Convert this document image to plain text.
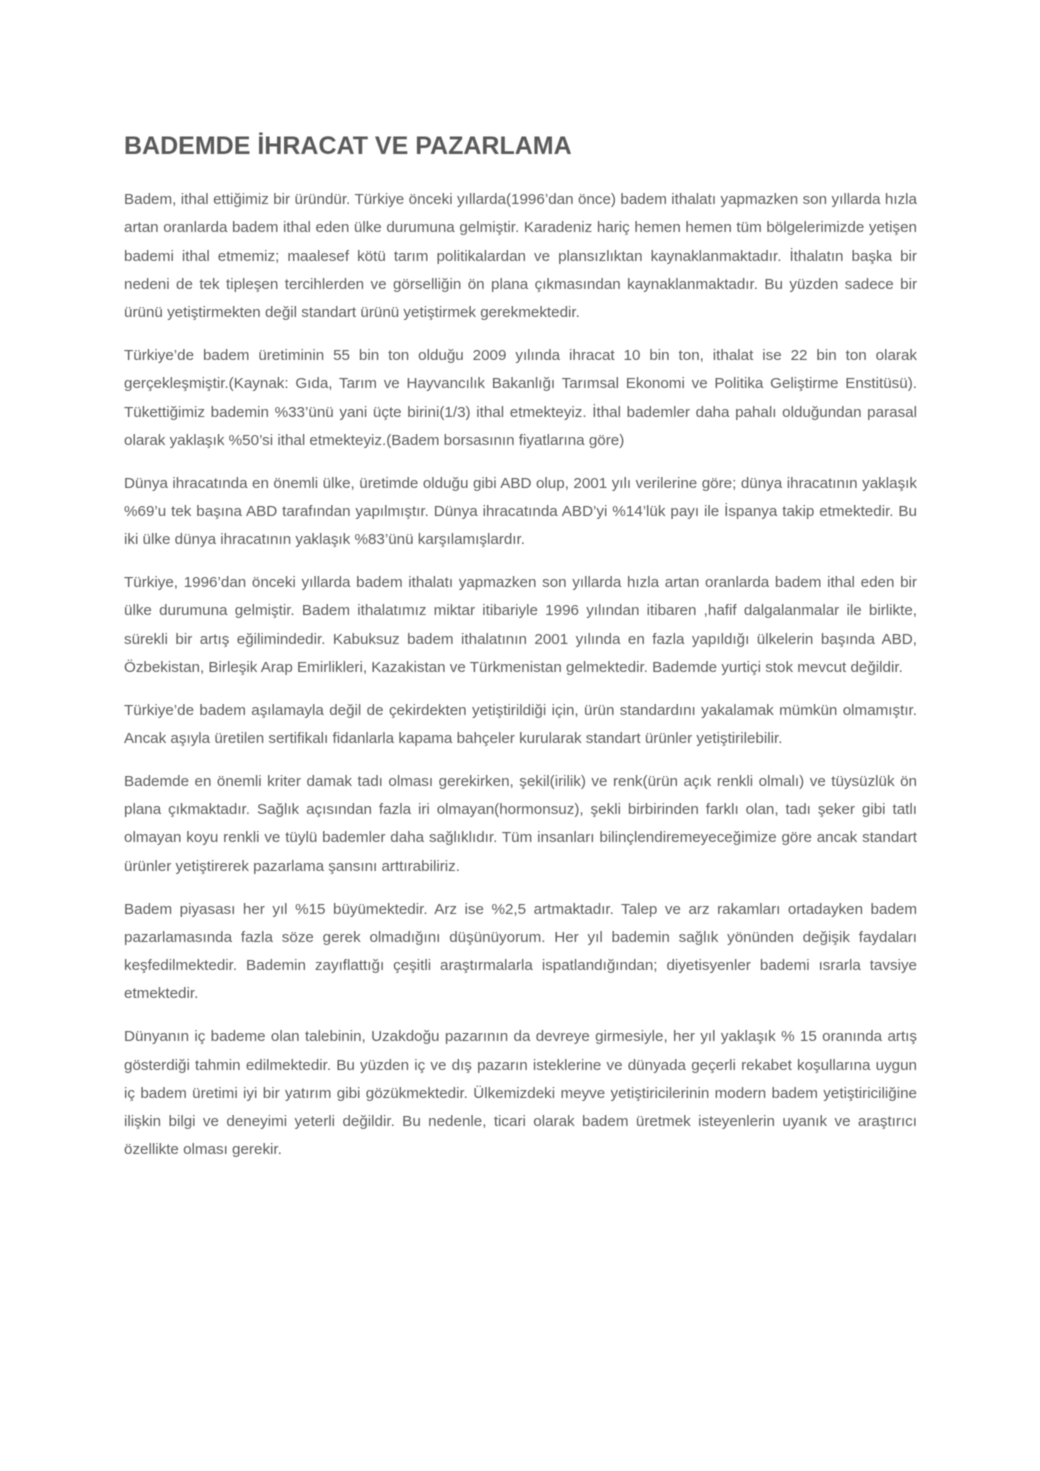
BADEMDE İHRACAT VE PAZARLAMA

Badem, ithal ettiğimiz bir üründür. Türkiye önceki yıllarda(1996’dan önce) badem ithalatı yapmazken son yıllarda hızla artan oranlarda badem ithal eden ülke durumuna gelmiştir. Karadeniz hariç hemen hemen tüm bölgelerimizde yetişen bademi ithal etmemiz; maalesef kötü tarım politikalardan ve plansızlıktan kaynaklanmaktadır. İthalatın başka bir nedeni de tek tipleşen tercihlerden ve görselliğin ön plana çıkmasından kaynaklanmaktadır. Bu yüzden sadece bir ürünü yetiştirmekten değil standart ürünü yetiştirmek gerekmektedir.

Türkiye’de badem üretiminin 55 bin ton olduğu 2009 yılında ihracat 10 bin ton, ithalat ise 22 bin ton olarak gerçekleşmiştir.(Kaynak: Gıda, Tarım ve Hayvancılık Bakanlığı Tarımsal Ekonomi ve Politika Geliştirme Enstitüsü). Tükettiğimiz bademin %33’ünü yani üçte birini(1/3) ithal etmekteyiz. İthal bademler daha pahalı olduğundan parasal olarak yaklaşık %50’si ithal etmekteyiz.(Badem borsasının fiyatlarına göre)

Dünya ihracatında en önemli ülke, üretimde olduğu gibi ABD olup, 2001 yılı verilerine göre; dünya ihracatının yaklaşık %69’u tek başına ABD tarafından yapılmıştır. Dünya ihracatında ABD’yi %14’lük payı ile İspanya takip etmektedir. Bu iki ülke dünya ihracatının yaklaşık %83’ünü karşılamışlardır.

Türkiye, 1996’dan önceki yıllarda badem ithalatı yapmazken son yıllarda hızla artan oranlarda badem ithal eden bir ülke durumuna gelmiştir. Badem ithalatımız miktar itibariyle 1996 yılından itibaren ,hafif dalgalanmalar ile birlikte, sürekli bir artış eğilimindedir. Kabuksuz badem ithalatının 2001 yılında en fazla yapıldığı ülkelerin başında ABD, Özbekistan, Birleşik Arap Emirlikleri, Kazakistan ve Türkmenistan gelmektedir. Bademde yurtiçi stok mevcut değildir.

Türkiye’de badem aşılamayla değil de çekirdekten yetiştirildiği için, ürün standardını yakalamak mümkün olmamıştır. Ancak aşıyla üretilen sertifikalı fidanlarla kapama bahçeler kurularak standart ürünler yetiştirilebilir.

Bademde en önemli kriter damak tadı olması gerekirken, şekil(irilik) ve renk(ürün açık renkli olmalı) ve tüysüzlük ön plana çıkmaktadır. Sağlık açısından fazla iri olmayan(hormonsuz), şekli birbirinden farklı olan, tadı şeker gibi tatlı olmayan koyu renkli ve tüylü bademler daha sağlıklıdır. Tüm insanları bilinçlendiremeyeceğimize göre ancak standart ürünler yetiştirerek pazarlama şansını arttırabiliriz.

Badem piyasası her yıl %15 büyümektedir. Arz ise %2,5 artmaktadır. Talep ve arz rakamları ortadayken badem pazarlamasında fazla söze gerek olmadığını düşünüyorum. Her yıl bademin sağlık yönünden değişik faydaları keşfedilmektedir. Bademin zayıflattığı çeşitli araştırmalarla ispatlandığından; diyetisyenler bademi ısrarla tavsiye etmektedir.

Dünyanın iç bademe olan talebinin, Uzakdoğu pazarının da devreye girmesiyle, her yıl yaklaşık % 15 oranında artış gösterdiği tahmin edilmektedir. Bu yüzden iç ve dış pazarın isteklerine ve dünyada geçerli rekabet koşullarına uygun iç badem üretimi iyi bir yatırım gibi gözükmektedir. Ülkemizdeki meyve yetiştiricilerinin modern badem yetiştiriciliğine ilişkin bilgi ve deneyimi yeterli değildir. Bu nedenle, ticari olarak badem üretmek isteyenlerin uyanık ve araştırıcı özellikte olması gerekir.
